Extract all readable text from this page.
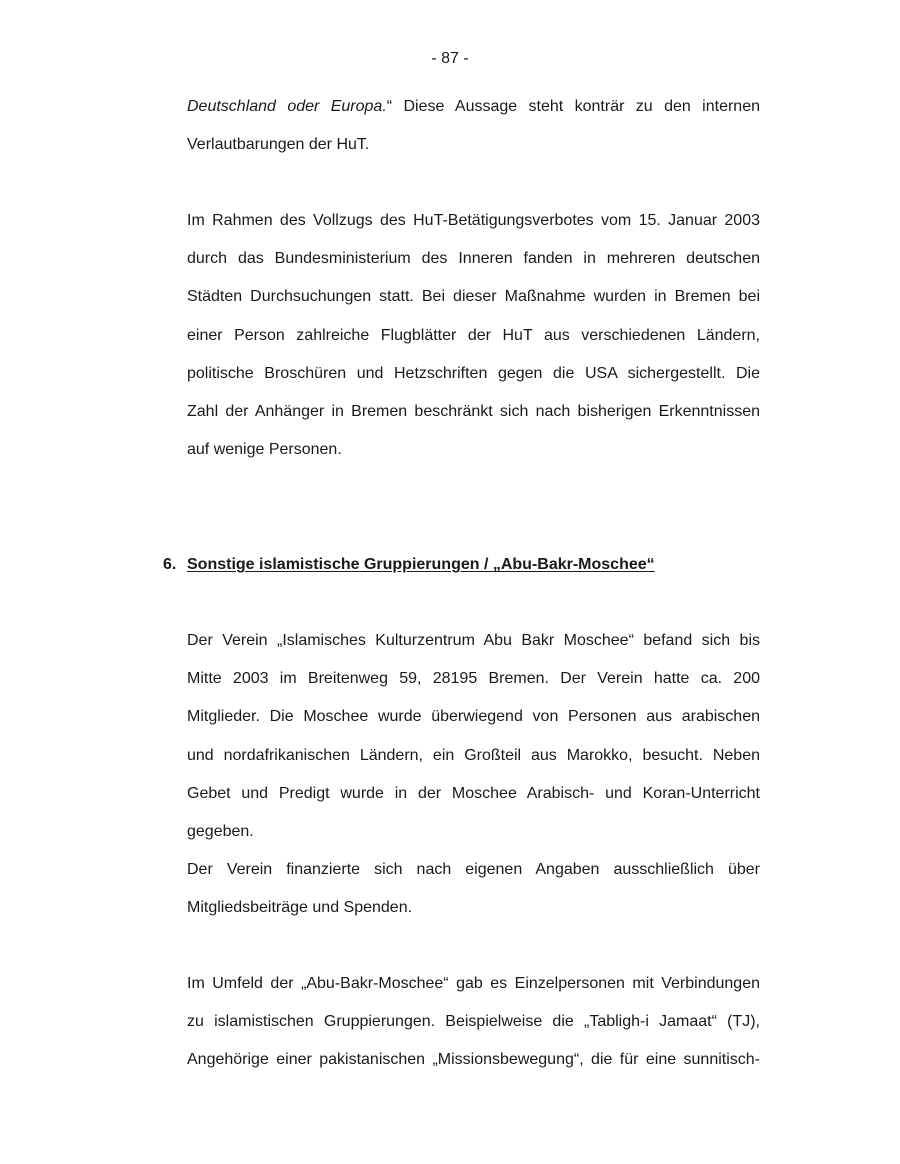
- 87 -
Deutschland oder Europa.“ Diese Aussage steht konträr zu den internen
Verlautbarungen der HuT.
Im Rahmen des Vollzugs des HuT-Betätigungsverbotes vom 15. Januar 2003
durch das Bundesministerium des Inneren fanden in mehreren deutschen
Städten Durchsuchungen statt. Bei dieser Maßnahme wurden in Bremen bei
einer Person zahlreiche Flugblätter der HuT aus verschiedenen Ländern,
politische Broschüren und Hetzschriften gegen die USA sichergestellt. Die
Zahl der Anhänger in Bremen beschränkt sich nach bisherigen Erkenntnissen
auf wenige Personen.
6. Sonstige islamistische Gruppierungen / „Abu-Bakr-Moschee“
Der Verein „Islamisches Kulturzentrum Abu Bakr Moschee“ befand sich bis
Mitte 2003 im Breitenweg 59, 28195 Bremen. Der Verein hatte ca. 200
Mitglieder. Die Moschee wurde überwiegend von Personen aus arabischen
und nordafrikanischen Ländern, ein Großteil aus Marokko, besucht. Neben
Gebet und Predigt wurde in der Moschee Arabisch- und Koran-Unterricht
gegeben.
Der Verein finanzierte sich nach eigenen Angaben ausschließlich über
Mitgliedsbeiträge und Spenden.
Im Umfeld der „Abu-Bakr-Moschee“ gab es Einzelpersonen mit Verbindungen
zu islamistischen Gruppierungen. Beispielweise die „Tabligh-i Jamaat“ (TJ),
Angehörige einer pakistanischen „Missionsbewegung“, die für eine sunnitisch-
